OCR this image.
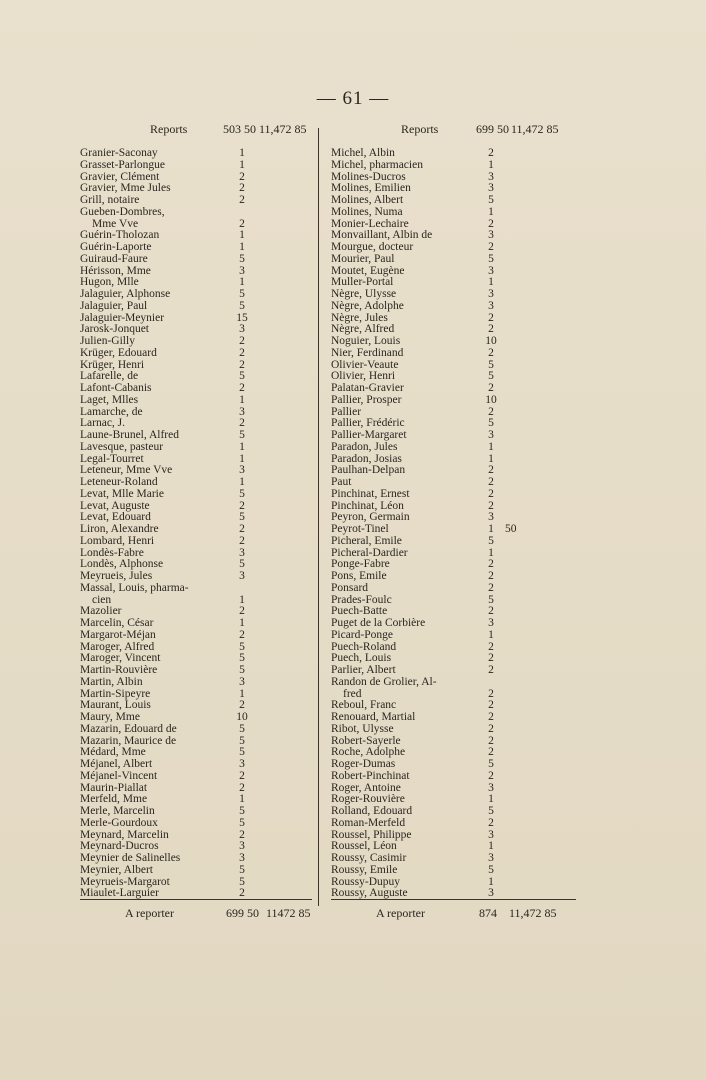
— 61 —
Reports	503 50 11,472 85
Granier-Saconay	1
Grasset-Parlongue	1
Gravier, Clément	2
Gravier, Mme Jules	2
Grill, notaire	2
Gueben-Dombres,
Mme Vve	2
Guérin-Tholozan	1
Guérin-Laporte	1
Guiraud-Faure	5
Hérisson, Mme	3
Hugon, Mlle	1
Jalaguier, Alphonse	5
Jalaguier, Paul	5
Jalaguier-Meynier	15
Jarosk-Jonquet	3
Julien-Gilly	2
Krüger, Edouard	2
Krüger, Henri	2
Lafarelle, de	5
Lafont-Cabanis	2
Laget, Mlles	1
Lamarche, de	3
Larnac, J.	2
Laune-Brunel, Alfred	5
Lavesque, pasteur	1
Legal-Tourret	1
Leteneur, Mme Vve	3
Leteneur-Roland	1
Levat, Mlle Marie	5
Levat, Auguste	2
Levat, Edouard	5
Liron, Alexandre	2
Lombard, Henri	2
Londès-Fabre	3
Londès, Alphonse	5
Meyrueis, Jules	3
Massal, Louis, pharma-
cien	1
Mazolier	2
Marcelin, César	1
Margarot-Méjan	2
Maroger, Alfred	5
Maroger, Vincent	5
Martin-Rouvière	5
Martin, Albin	3
Martin-Sipeyre	1
Maurant, Louis	2
Maury, Mme	10
Mazarin, Edouard de	5
Mazarin, Maurice de	5
Médard, Mme	5
Méjanel, Albert	3
Méjanel-Vincent	2
Maurin-Piallat	2
Merfeld, Mme	1
Merle, Marcelin	5
Merle-Gourdoux	5
Meynard, Marcelin	2
Meynard-Ducros	3
Meynier de Salinelles	3
Meynier, Albert	5
Meyrueis-Margarot	5
Miaulet-Larguier	2
A reporter	699 50 11472 85
Reports	699 50 11,472 85
Michel, Albin	2
Michel, pharmacien	1
Molines-Ducros	3
Molines, Emilien	3
Molines, Albert	5
Molines, Numa	1
Monier-Lechaire	2
Monvaillant, Albin de	3
Mourgue, docteur	2
Mourier, Paul	5
Moutet, Eugène	3
Muller-Portal	1
Nègre, Ulysse	3
Nègre, Adolphe	3
Nègre, Jules	2
Nègre, Alfred	2
Noguier, Louis	10
Nier, Ferdinand	2
Olivier-Veaute	5
Olivier, Henri	5
Palatan-Gravier	2
Pallier, Prosper	10
Pallier	2
Pallier, Frédéric	5
Pallier-Margaret	3
Paradon, Jules	1
Paradon, Josias	1
Paulhan-Delpan	2
Paut	2
Pinchinat, Ernest	2
Pinchinat, Léon	2
Peyron, Germain	3
Peyrot-Tinel	1 50
Picheral, Emile	5
Picheral-Dardier	1
Ponge-Fabre	2
Pons, Emile	2
Ponsard	2
Prades-Foulc	5
Puech-Batte	2
Puget de la Corbière	3
Picard-Ponge	1
Puech-Roland	2
Puech, Louis	2
Parlier, Albert	2
Randon de Grolier, Al-
fred	2
Reboul, Franc	2
Renouard, Martial	2
Ribot, Ulysse	2
Robert-Sayerle	2
Roche, Adolphe	2
Roger-Dumas	5
Robert-Pinchinat	2
Roger, Antoine	3
Roger-Rouvière	1
Rolland, Edouard	5
Roman-Merfeld	2
Roussel, Philippe	3
Roussel, Léon	1
Roussy, Casimir	3
Roussy, Emile	5
Roussy-Dupuy	1
Roussy, Auguste	3
A reporter	874 11,472 85
